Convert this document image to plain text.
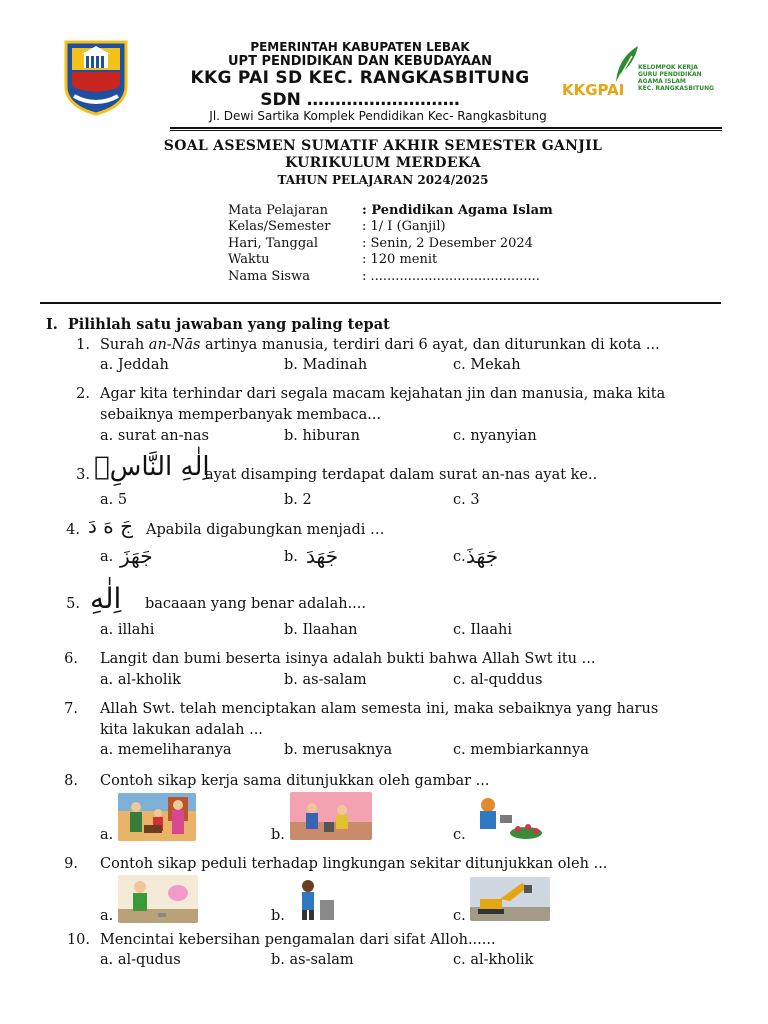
PEMERINTAH KABUPATEN LEBAK
UPT PENDIDIKAN DAN KEBUDAYAAN
KKG PAI SD KEC. RANGKASBITUNG
SDN ………………………
Jl. Dewi Sartika Komplek Pendidikan Kec- Rangkasbitung
KKGPAI
KELOMPOK KERJA
GURU PENDIDIKAN
AGAMA ISLAM
KEC. RANGKASBITUNG
SOAL ASESMEN SUMATIF AKHIR SEMESTER GANJIL
KURIKULUM MERDEKA
TAHUN PELAJARAN 2024/2025
Mata Pelajaran	: Pendidikan Agama Islam
Kelas/Semester : 1/ I (Ganjil)
Hari, Tanggal	: Senin, 2 Desember 2024
Waktu	: 120 menit
Nama Siswa	: .........................................
I. Pilihlah satu jawaban yang paling tepat
1. Surah an-Nās artinya manusia, terdiri dari 6 ayat, dan diturunkan di kota ...
a. Jeddah	b. Madinah	c. Mekah
2. Agar kita terhindar dari segala macam kejahatan jin dan manusia, maka kita
sebaiknya memperbanyak membaca...
a. surat an-nas	b. hiburan	c. nyanyian
3. اِلٰهِ النَّاسِۙ
ayat disamping terdapat dalam surat an-nas ayat ke..
a. 5	b. 2	c. 3
4. جَ هَ دَ Apabila digabungkan menjadi …
a. جَهَزَ	b. جَهَدَ	c. جَهَذَ
5. اِلٰهِ bacaaan yang benar adalah....
a. illahi	b. Ilaahan	c. Ilaahi
6. Langit dan bumi beserta isinya adalah bukti bahwa Allah Swt itu ...
a. al-kholik	b. as-salam	c. al-quddus
7. Allah Swt. telah menciptakan alam semesta ini, maka sebaiknya yang harus
kita lakukan adalah ...
a. memeliharanya	b. merusaknya	c. membiarkannya
8. Contoh sikap kerja sama ditunjukkan oleh gambar ...
a.	b.	c.
9. Contoh sikap peduli terhadap lingkungan sekitar ditunjukkan oleh ...
a.	b.	c.
10. Mencintai kebersihan pengamalan dari sifat Alloh......
a. al-qudus	b. as-salam	c. al-kholik
